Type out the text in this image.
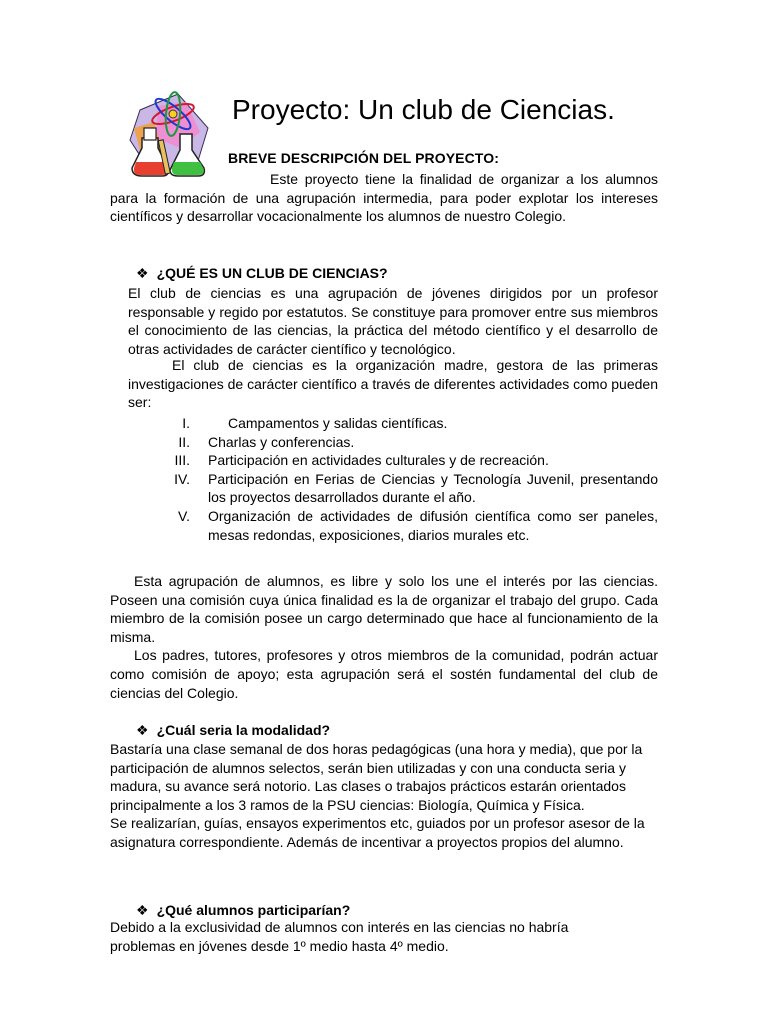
Proyecto: Un club de Ciencias.
BREVE DESCRIPCIÓN DEL PROYECTO:
Este proyecto tiene la finalidad de organizar a los alumnos para la formación de una agrupación intermedia, para poder explotar los intereses científicos y desarrollar vocacionalmente los alumnos de nuestro Colegio.
❖ ¿QUÉ ES UN CLUB DE CIENCIAS?
El club de ciencias es una agrupación de jóvenes dirigidos por un profesor responsable y regido por estatutos. Se constituye para promover entre sus miembros el conocimiento de las ciencias, la práctica del método científico y el desarrollo de otras actividades de carácter científico y tecnológico.
El club de ciencias es la organización madre, gestora de las primeras investigaciones de carácter científico a través de diferentes actividades como pueden ser:
I.	Campamentos y salidas científicas.
II.	Charlas y conferencias.
III.	Participación en actividades culturales y de recreación.
IV.	Participación en Ferias de Ciencias y Tecnología Juvenil, presentando los proyectos desarrollados durante el año.
V.	Organización de actividades de difusión científica como ser paneles, mesas redondas, exposiciones, diarios murales etc.

Esta agrupación de alumnos, es libre y solo los une el interés por las ciencias. Poseen una comisión cuya única finalidad es la de organizar el trabajo del grupo. Cada miembro de la comisión posee un cargo determinado que hace al funcionamiento de la misma.

Los padres, tutores, profesores y otros miembros de la comunidad, podrán actuar como comisión de apoyo; esta agrupación será el sostén fundamental del club de ciencias del Colegio.

❖ ¿Cuál seria la modalidad?

Bastaría una clase semanal de dos horas pedagógicas (una hora y media), que por la participación de alumnos selectos, serán bien utilizadas y con una conducta seria y madura, su avance será notorio. Las clases o trabajos prácticos estarán orientados principalmente a los 3 ramos de la PSU ciencias: Biología, Química y Física.

Se realizarían, guías, ensayos experimentos etc, guiados por un profesor asesor de la asignatura correspondiente. Además de incentivar a proyectos propios del alumno.

❖ ¿Qué alumnos participarían?
Debido a la exclusividad de alumnos con interés en las ciencias no habría problemas en jóvenes desde 1º medio hasta 4º medio.
